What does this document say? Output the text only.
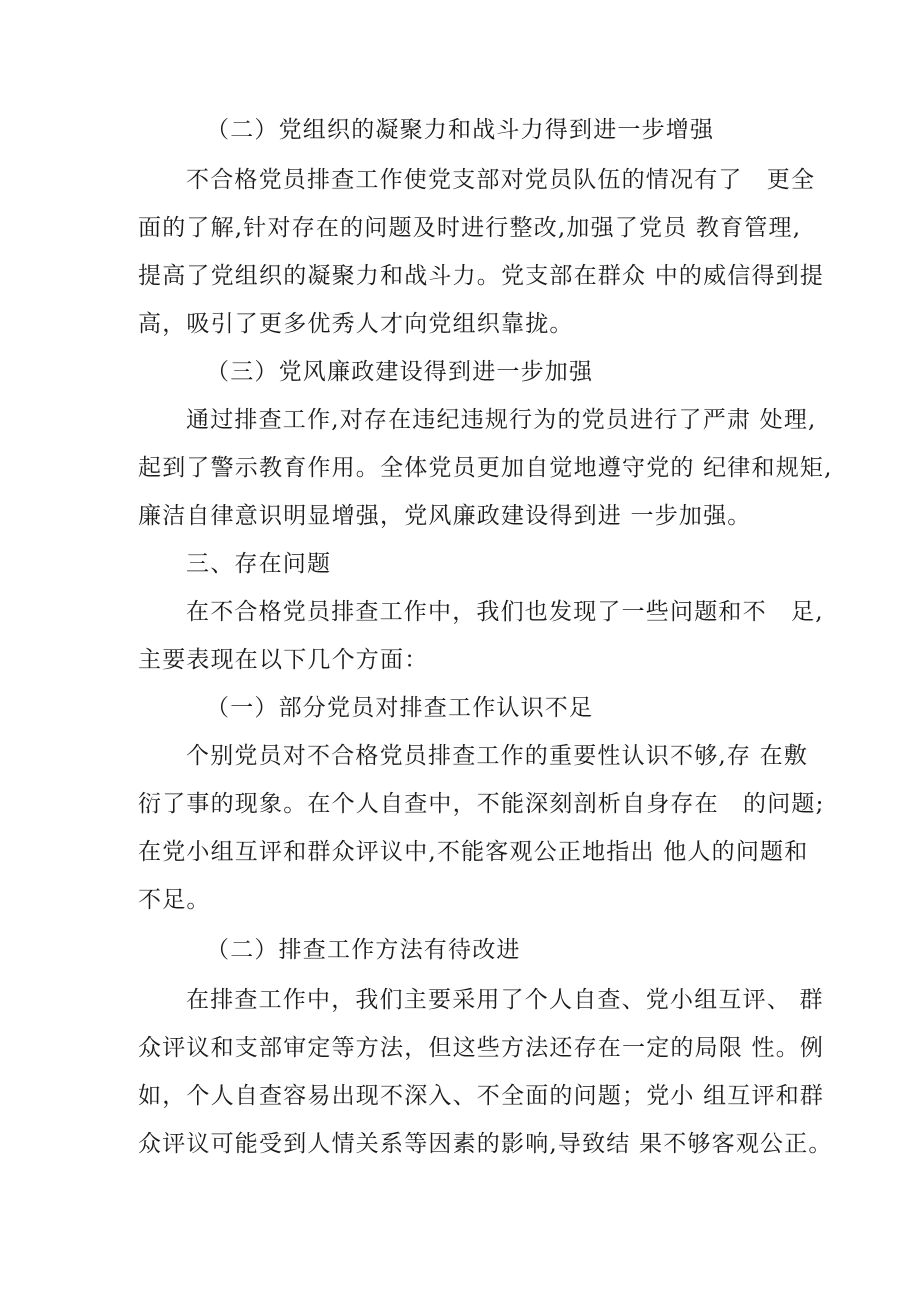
（二）党组织的凝聚力和战斗力得到进一步增强
不合格党员排查工作使党支部对党员队伍的情况有了　更全
面的了解,针对存在的问题及时进行整改,加强了党员 教育管理,
提高了党组织的凝聚力和战斗力。党支部在群众 中的威信得到提
高，吸引了更多优秀人才向党组织靠拢。
（三）党风廉政建设得到进一步加强
通过排查工作,对存在违纪违规行为的党员进行了严肃 处理,
起到了警示教育作用。全体党员更加自觉地遵守党的 纪律和规矩,
廉洁自律意识明显增强，党风廉政建设得到进 一步加强。
三、存在问题
在不合格党员排查工作中，我们也发现了一些问题和不　足,
主要表现在以下几个方面：
（一）部分党员对排查工作认识不足
个别党员对不合格党员排查工作的重要性认识不够,存 在敷
衍了事的现象。在个人自查中，不能深刻剖析自身存在　的问题;
在党小组互评和群众评议中,不能客观公正地指出 他人的问题和
不足。
（二）排查工作方法有待改进
在排查工作中，我们主要采用了个人自查、党小组互评、 群
众评议和支部审定等方法，但这些方法还存在一定的局限 性。例
如，个人自查容易出现不深入、不全面的问题；党小 组互评和群
众评议可能受到人情关系等因素的影响,导致结 果不够客观公正。
